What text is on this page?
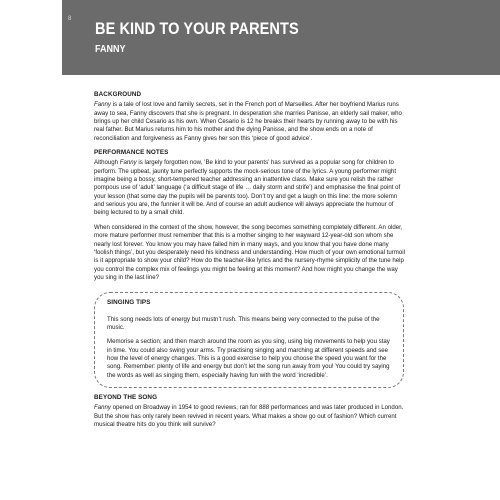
8
BE KIND TO YOUR PARENTS
FANNY
BACKGROUND

Fanny is a tale of lost love and family secrets, set in the French port of Marseilles. After her boyfriend Marius runs away to sea, Fanny discovers that she is pregnant. In desperation she marries Panisse, an elderly sail maker, who brings up her child Cesario as his own. When Cesario is 12 he breaks their hearts by running away to be with his real father. But Marius returns him to his mother and the dying Panisse, and the show ends on a note of reconciliation and forgiveness as Fanny gives her son this ‘piece of good advice’.

PERFORMANCE NOTES

Although Fanny is largely forgotten now, ‘Be kind to your parents’ has survived as a popular song for children to perform. The upbeat, jaunty tune perfectly supports the mock-serious tone of the lyrics. A young performer might imagine being a bossy, short-tempered teacher addressing an inattentive class. Make sure you relish the rather pompous use of ‘adult’ language (‘a difficult stage of life … daily storm and strife’) and emphasise the final point of your lesson (that some day the pupils will be parents too). Don’t try and get a laugh on this line: the more solemn and serious you are, the funnier it will be. And of course an adult audience will always appreciate the humour of being lectured to by a small child.

When considered in the context of the show, however, the song becomes something completely different. An older, more mature performer must remember that this is a mother singing to her wayward 12-year-old son whom she nearly lost forever. You know you may have failed him in many ways, and you know that you have done many ‘foolish things’, but you desperately need his kindness and understanding. How much of your own emotional turmoil is it appropriate to show your child? How do the teacher-like lyrics and the nursery-rhyme simplicity of the tune help you control the complex mix of feelings you might be feeling at this moment? And how might you change the way you sing in the last line?

SINGING TIPS

This song needs lots of energy but mustn’t rush. This means being very connected to the pulse of the music.

Memorise a section; and then march around the room as you sing, using big movements to help you stay in time. You could also swing your arms. Try practising singing and marching at different speeds and see how the level of energy changes. This is a good exercise to help you choose the speed you want for the song. Remember: plenty of life and energy but don’t let the song run away from you! You could try saying the words as well as singing them, especially having fun with the word ‘incredible’.

BEYOND THE SONG

Fanny opened on Broadway in 1954 to good reviews, ran for 888 performances and was later produced in London. But the show has only rarely been revived in recent years. What makes a show go out of fashion? Which current musical theatre hits do you think will survive?
